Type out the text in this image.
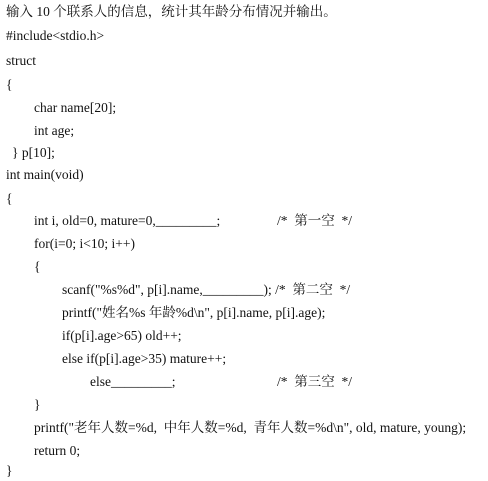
输入 10 个联系人的信息，统计其年龄分布情况并输出。
#include<stdio.h>
struct
{
char name[20];
int age;
} p[10];
int main(void)
{
int i, old=0, mature=0,_________;	/*  第一空  */
for(i=0; i<10; i++)
{
scanf("%s%d", p[i].name,_________); /*  第二空  */
printf("姓名%s 年龄%d\n", p[i].name, p[i].age);
if(p[i].age>65) old++;
else if(p[i].age>35) mature++;
else_________;	/*  第三空  */
}
printf("老年人数=%d,  中年人数=%d,  青年人数=%d\n", old, mature, young);
return 0;
}
